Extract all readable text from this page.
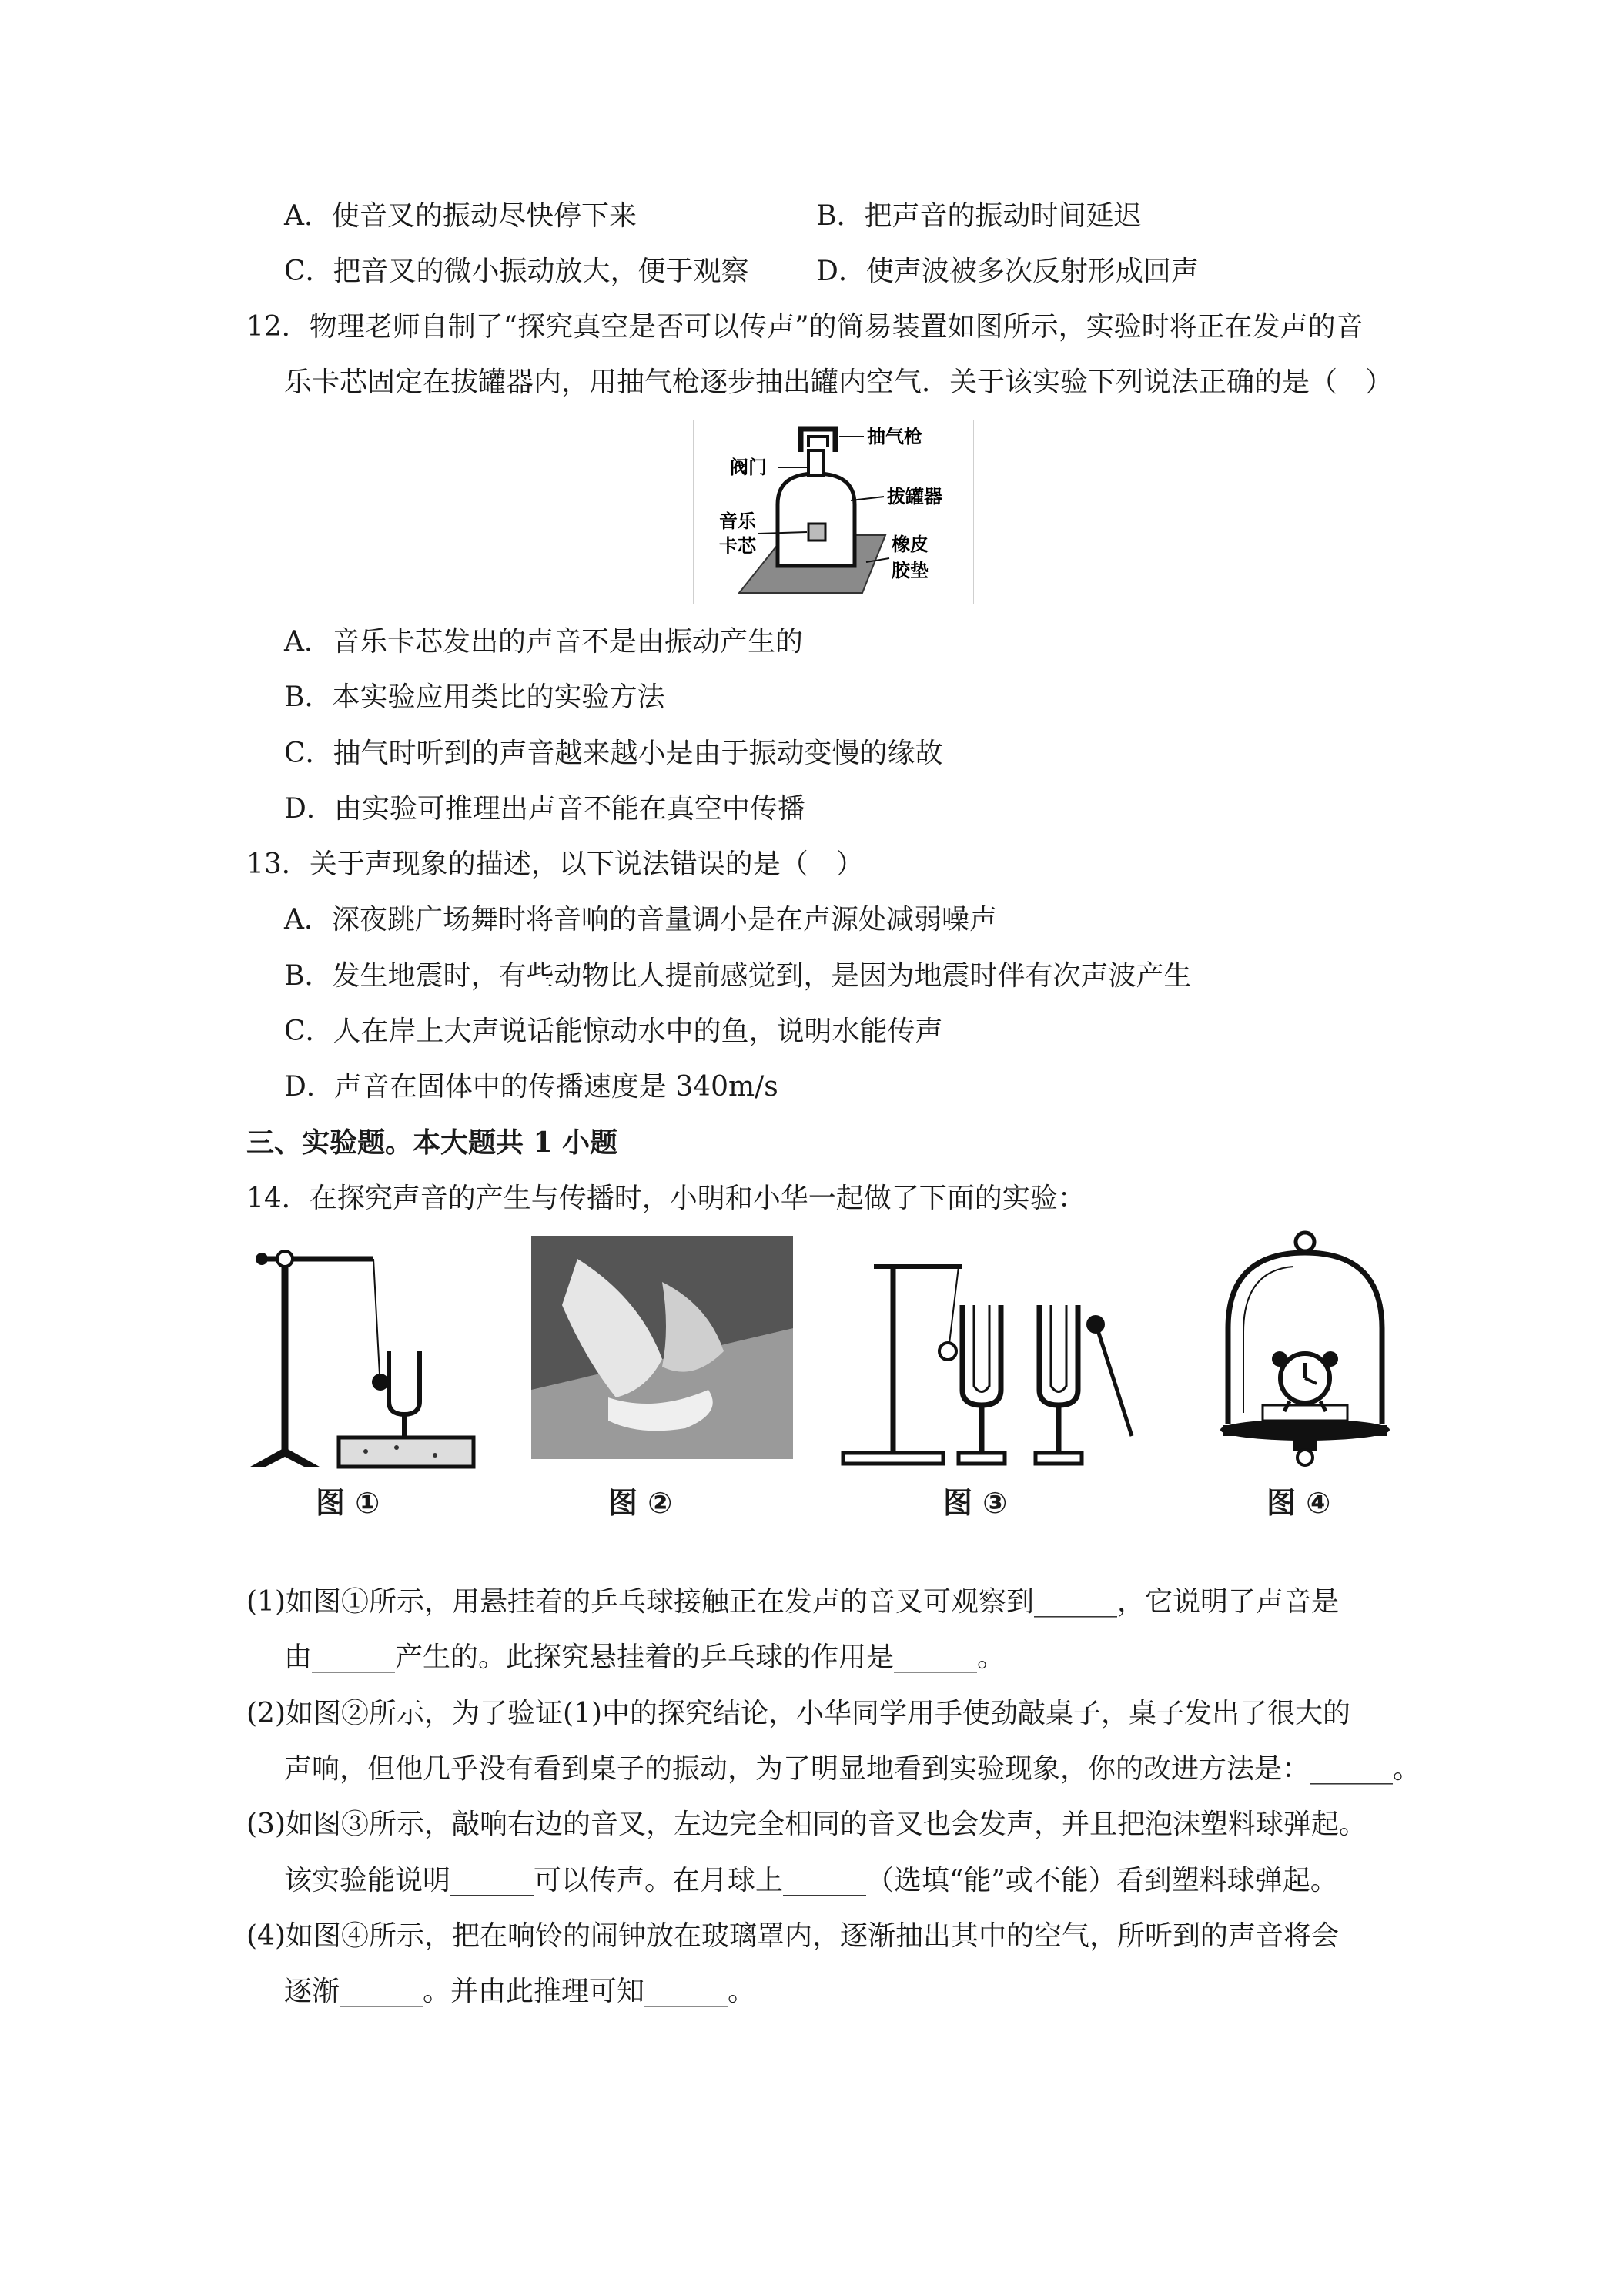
A．使音叉的振动尽快停下来	B．把声音的振动时间延迟
C．把音叉的微小振动放大，便于观察 D．使声波被多次反射形成回声
12．物理老师自制了“探究真空是否可以传声”的简易装置如图所示，实验时将正在发声的音
乐卡芯固定在拔罐器内，用抽气枪逐步抽出罐内空气．关于该实验下列说法正确的是（　）
抽气枪
阀门
拔罐器
音乐
卡芯	橡皮
胶垫
A．音乐卡芯发出的声音不是由振动产生的
B．本实验应用类比的实验方法
C．抽气时听到的声音越来越小是由于振动变慢的缘故
D．由实验可推理出声音不能在真空中传播
13．关于声现象的描述，以下说法错误的是（　）
A．深夜跳广场舞时将音响的音量调小是在声源处减弱噪声
B．发生地震时，有些动物比人提前感觉到，是因为地震时伴有次声波产生
C．人在岸上大声说话能惊动水中的鱼，说明水能传声
D．声音在固体中的传播速度是 340m/s
三、实验题。本大题共 1 小题
14．在探究声音的产生与传播时，小明和小华一起做了下面的实验：
图 ①	图 ②	图 ③	图 ④
(1)如图①所示，用悬挂着的乒乓球接触正在发声的音叉可观察到______，它说明了声音是
由______产生的。此探究悬挂着的乒乓球的作用是______。
(2)如图②所示，为了验证(1)中的探究结论，小华同学用手使劲敲桌子，桌子发出了很大的
声响，但他几乎没有看到桌子的振动，为了明显地看到实验现象，你的改进方法是：______。
(3)如图③所示，敲响右边的音叉，左边完全相同的音叉也会发声，并且把泡沫塑料球弹起。
该实验能说明______可以传声。在月球上______（选填“能”或不能）看到塑料球弹起。
(4)如图④所示，把在响铃的闹钟放在玻璃罩内，逐渐抽出其中的空气，所听到的声音将会
逐渐______。并由此推理可知______。
